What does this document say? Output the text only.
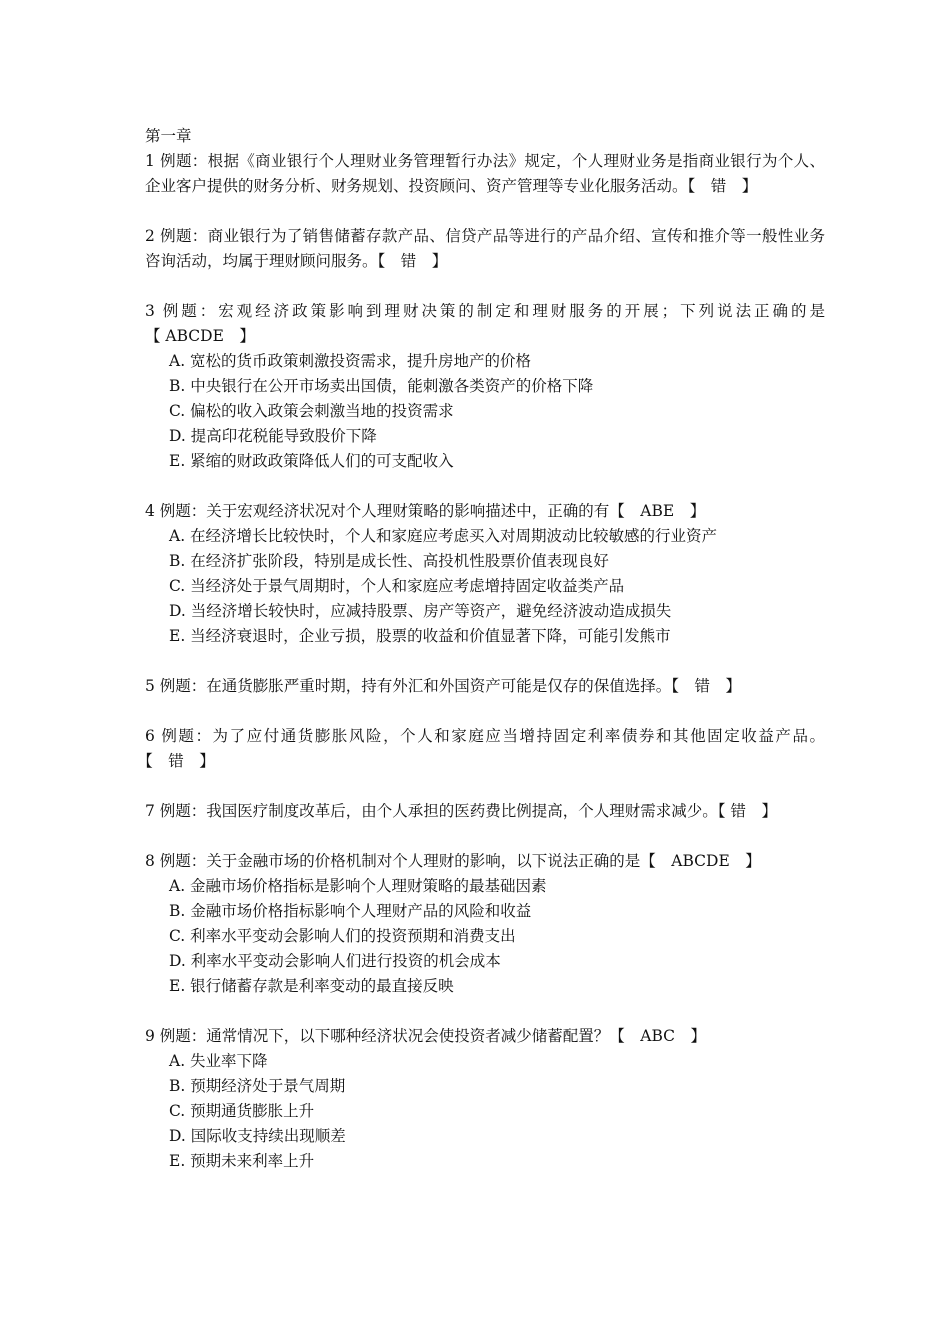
第一章
1 例题：根据《商业银行个人理财业务管理暂行办法》规定，个人理财业务是指商业银行为个人、企业客户提供的财务分析、财务规划、投资顾问、资产管理等专业化服务活动。【　错　】
2 例题：商业银行为了销售储蓄存款产品、信贷产品等进行的产品介绍、宣传和推介等一般性业务咨询活动，均属于理财顾问服务。【　错　】
3 例题：宏观经济政策影响到理财决策的制定和理财服务的开展；下列说法正确的是【 ABCDE　】
A. 宽松的货币政策刺激投资需求，提升房地产的价格
B. 中央银行在公开市场卖出国债，能刺激各类资产的价格下降
C. 偏松的收入政策会刺激当地的投资需求
D. 提高印花税能导致股价下降
E. 紧缩的财政政策降低人们的可支配收入
4 例题：关于宏观经济状况对个人理财策略的影响描述中，正确的有【　ABE　】
A. 在经济增长比较快时，个人和家庭应考虑买入对周期波动比较敏感的行业资产
B. 在经济扩张阶段，特别是成长性、高投机性股票价值表现良好
C. 当经济处于景气周期时，个人和家庭应考虑增持固定收益类产品
D. 当经济增长较快时，应减持股票、房产等资产，避免经济波动造成损失
E. 当经济衰退时，企业亏损，股票的收益和价值显著下降，可能引发熊市
5 例题：在通货膨胀严重时期，持有外汇和外国资产可能是仅存的保值选择。【　错　】
6 例题：为了应付通货膨胀风险，个人和家庭应当增持固定利率债券和其他固定收益产品。【　错　】
7 例题：我国医疗制度改革后，由个人承担的医药费比例提高，个人理财需求减少。【 错　】
8 例题：关于金融市场的价格机制对个人理财的影响，以下说法正确的是【　ABCDE　】
A. 金融市场价格指标是影响个人理财策略的最基础因素
B. 金融市场价格指标影响个人理财产品的风险和收益
C. 利率水平变动会影响人们的投资预期和消费支出
D. 利率水平变动会影响人们进行投资的机会成本
E. 银行储蓄存款是利率变动的最直接反映
9 例题：通常情况下，以下哪种经济状况会使投资者减少储蓄配置？【　ABC　】
A. 失业率下降
B. 预期经济处于景气周期
C. 预期通货膨胀上升
D. 国际收支持续出现顺差
E. 预期未来利率上升
